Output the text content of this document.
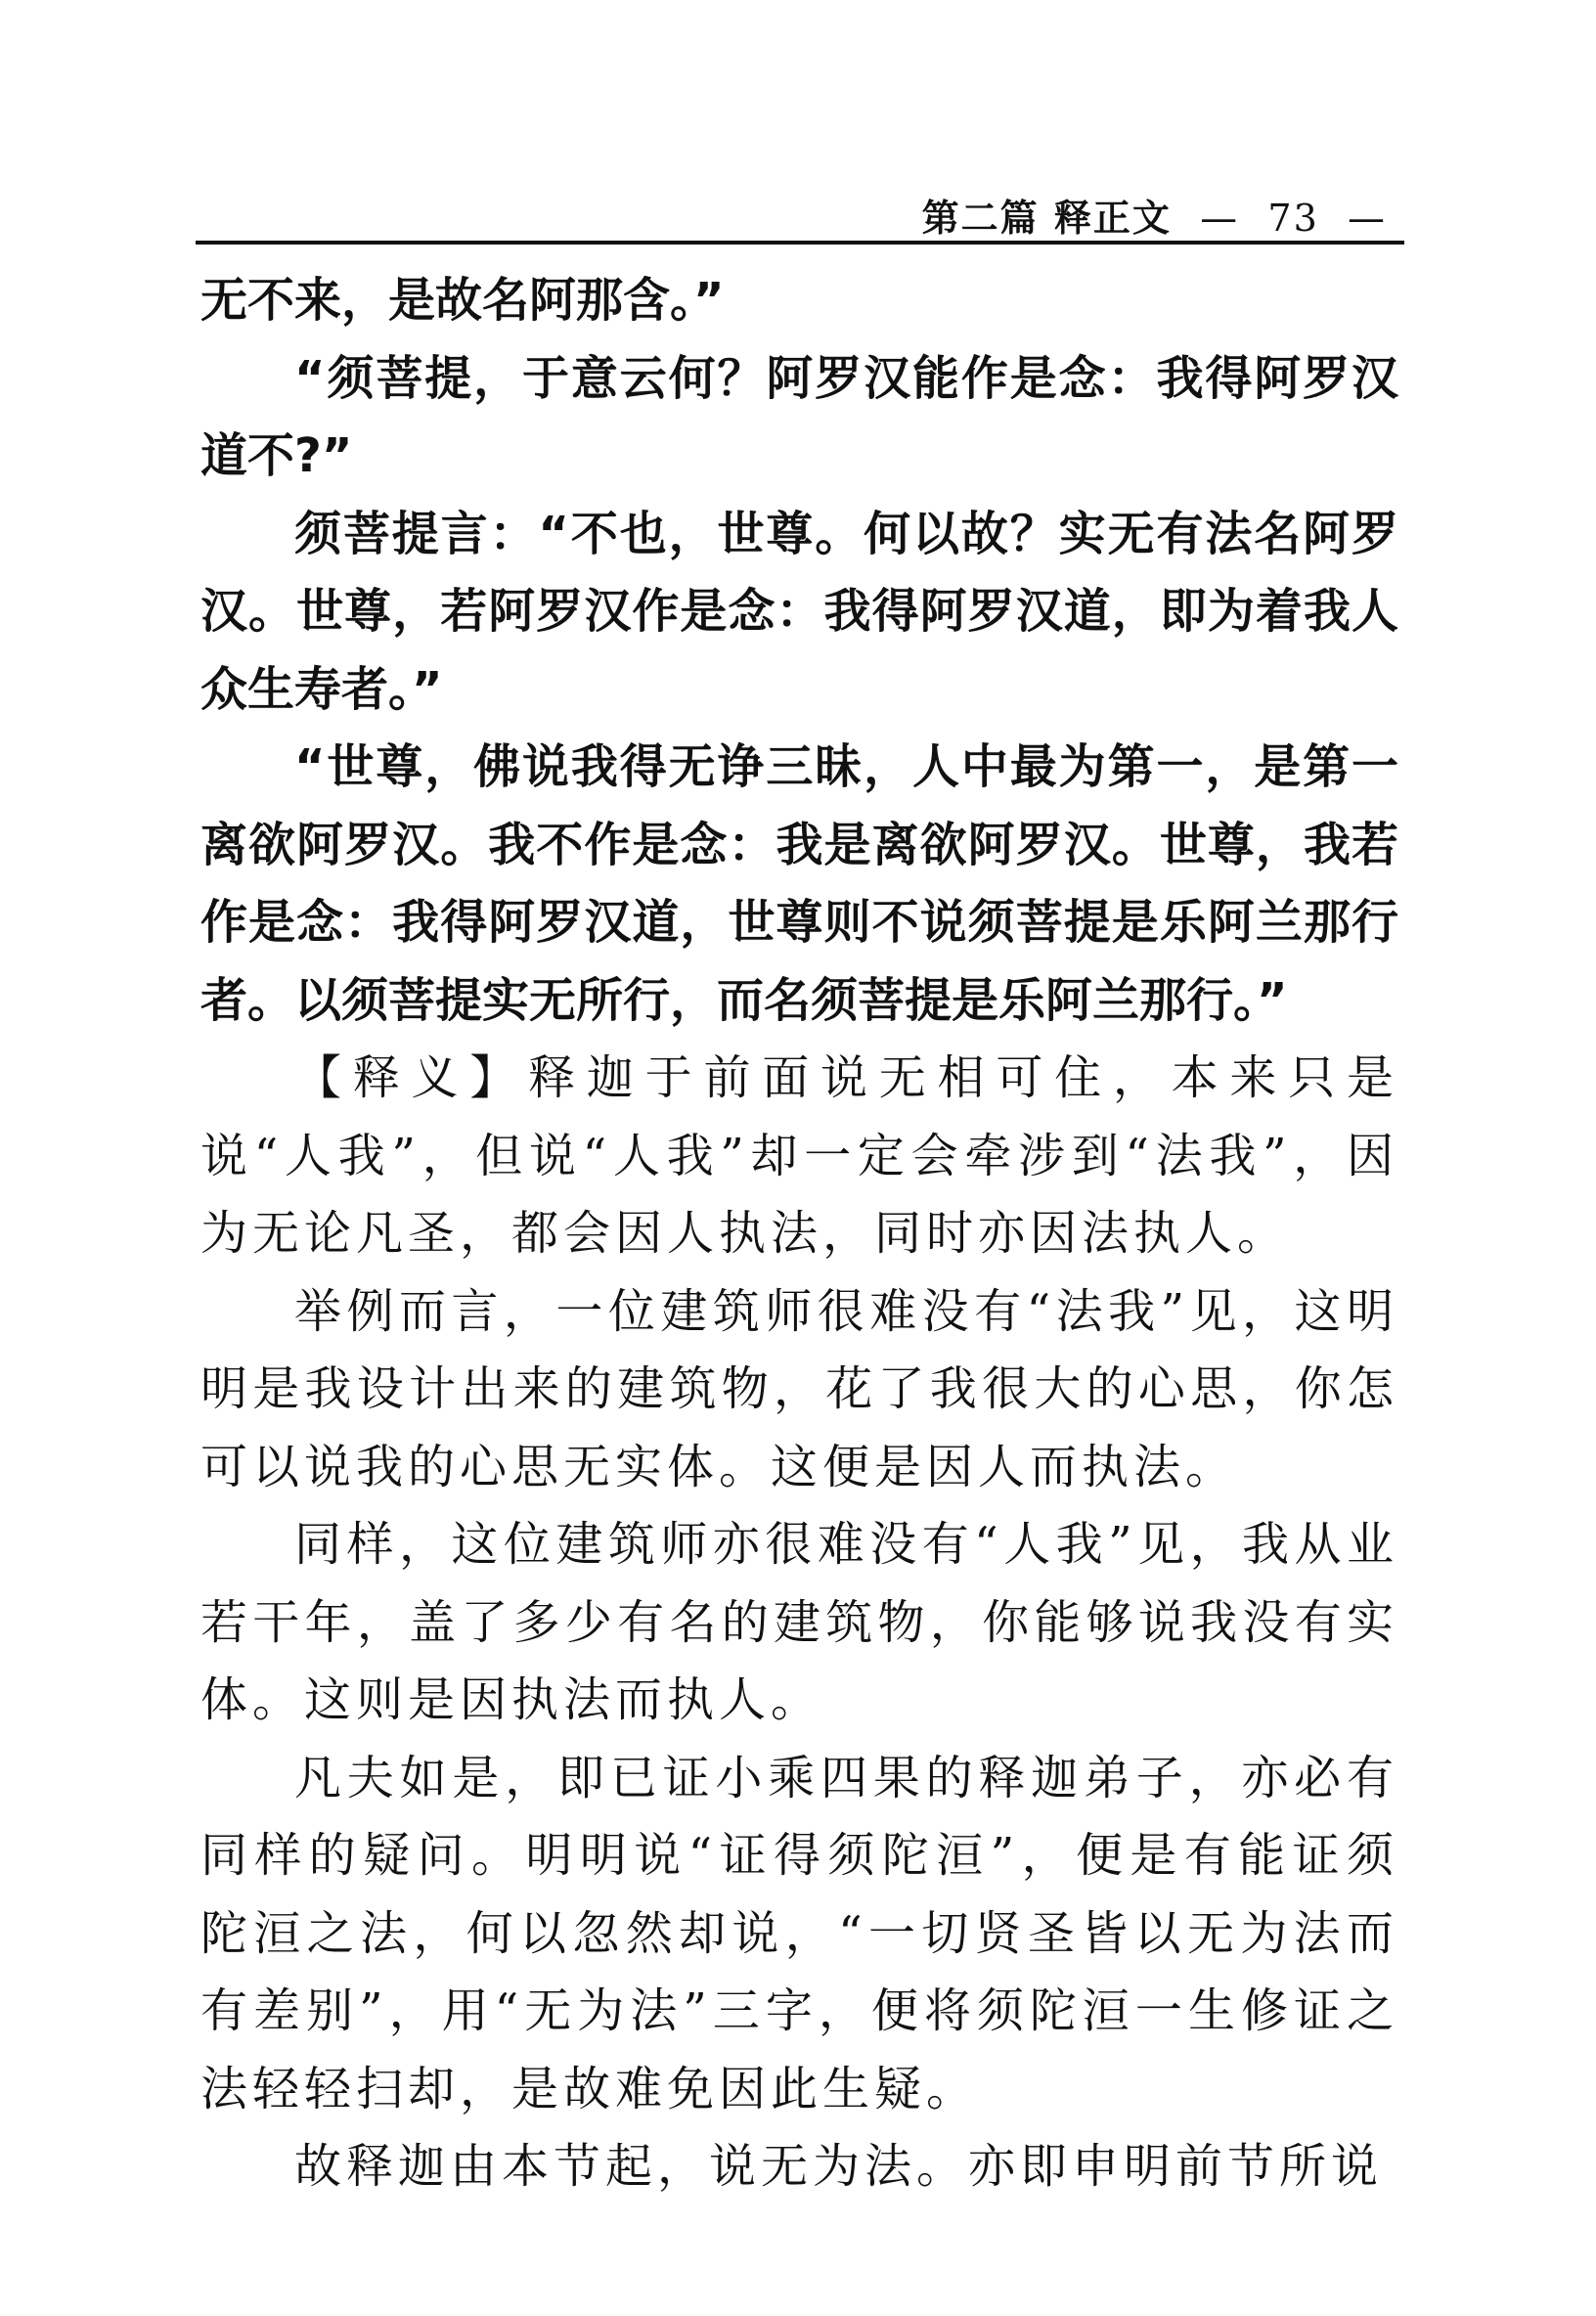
第二篇 释正文 — 73 —

无不来，是故名阿那含。”

“须菩提，于意云何？阿罗汉能作是念：我得阿罗汉道不?”

须菩提言：“不也，世尊。何以故？实无有法名阿罗汉。世尊，若阿罗汉作是念：我得阿罗汉道，即为着我人众生寿者。”

“世尊，佛说我得无诤三昧，人中最为第一，是第一离欲阿罗汉。我不作是念：我是离欲阿罗汉。世尊，我若作是念：我得阿罗汉道，世尊则不说须菩提是乐阿兰那行者。以须菩提实无所行，而名须菩提是乐阿兰那行。”

【释义】释迦于前面说无相可住，本来只是说“人我”，但说“人我”却一定会牵涉到“法我”，因为无论凡圣，都会因人执法，同时亦因法执人。

举例而言，一位建筑师很难没有“法我”见，这明明是我设计出来的建筑物，花了我很大的心思，你怎可以说我的心思无实体。这便是因人而执法。

同样，这位建筑师亦很难没有“人我”见，我从业若干年，盖了多少有名的建筑物，你能够说我没有实体。这则是因执法而执人。

凡夫如是，即已证小乘四果的释迦弟子，亦必有同样的疑问。明明说“证得须陀洹”，便是有能证须陀洹之法，何以忽然却说，“一切贤圣皆以无为法而有差别”，用“无为法”三字，便将须陀洹一生修证之法轻轻扫却，是故难免因此生疑。

故释迦由本节起，说无为法。亦即申明前节所说
